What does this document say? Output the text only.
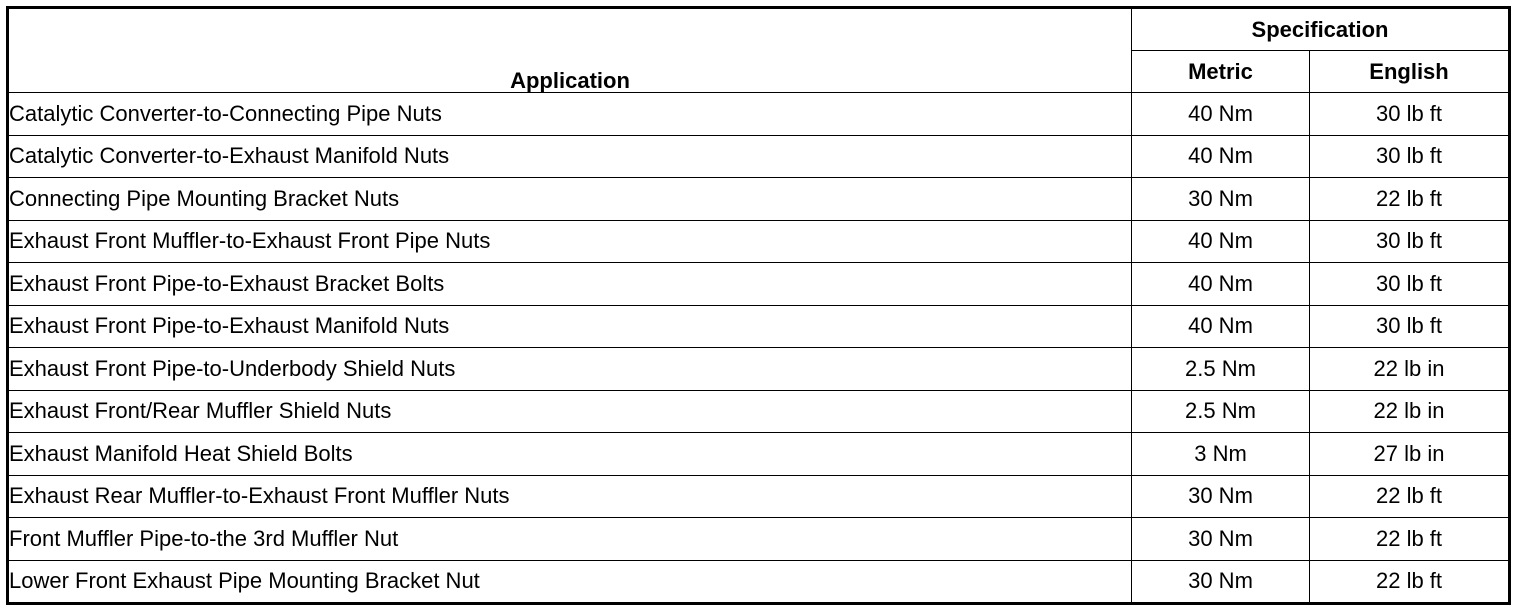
Application	Specification	
	Metric	English
Catalytic Converter-to-Connecting Pipe Nuts	40 Nm	30 lb ft
Catalytic Converter-to-Exhaust Manifold Nuts	40 Nm	30 lb ft
Connecting Pipe Mounting Bracket Nuts	30 Nm	22 lb ft
Exhaust Front Muffler-to-Exhaust Front Pipe Nuts	40 Nm	30 lb ft
Exhaust Front Pipe-to-Exhaust Bracket Bolts	40 Nm	30 lb ft
Exhaust Front Pipe-to-Exhaust Manifold Nuts	40 Nm	30 lb ft
Exhaust Front Pipe-to-Underbody Shield Nuts	2.5 Nm	22 lb in
Exhaust Front/Rear Muffler Shield Nuts	2.5 Nm	22 lb in
Exhaust Manifold Heat Shield Bolts	3 Nm	27 lb in
Exhaust Rear Muffler-to-Exhaust Front Muffler Nuts	30 Nm	22 lb ft
Front Muffler Pipe-to-the 3rd Muffler Nut	30 Nm	22 lb ft
Lower Front Exhaust Pipe Mounting Bracket Nut	30 Nm	22 lb ft
